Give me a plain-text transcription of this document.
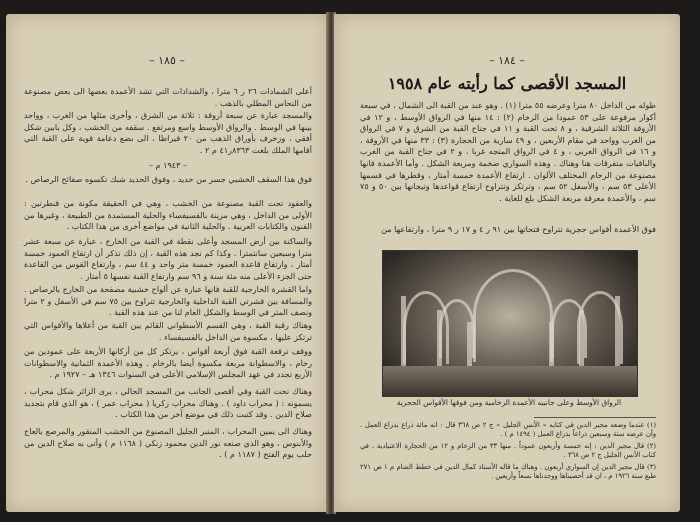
– ١٨٥ –

أعلى الشمادات ٢٦ ر ٦ مترا ، والشدادات التي تشد الأعمدة بعضها الى بعض مصنوعة من النحاس المطلي بالذهب .

والمسجد عبارة عن سبعة أروقة : ثلاثة من الشرق ، وأخرى مثلها من الغرب ، وواحد بينها في الوسط . والرواق الأوسط واسع ومرتفع . سقفه من الخشب ، وكل بابين شكل أفقي ، وزخرف بأوراق الذهب من ٢٠ قيراطا ، الى بضع دعامة قوية على القبة التي أقامها الملك بلغت ٨٣٦٣ر٤١ م ٢ .

– ١٩٤٣ م –

فوق هذا السقف الخشبي جسر من حديد ، وفوق الحديد شبك تكسوه صفائح الرصاص .

والعقود تحت القبة مصنوعة من الخشب ، وهي في الحقيقة مكونة من قنطرتين : الأولى من الداخل ، وهي مزينة بالفسيفساء والحلية المستمدة من الطبيعة ، وغيرها من الفنون والكتابات العربية . والحلية الثانية في مواضع أخرى من هذا الكتاب .

والساكنة بين أرض المسجد وأعلى نقطة في القبة من الخارج ، عبارة عن سبعة عشر مترا وسبعين سانتمترا . وكذا كم نجد هذه القبة ، إن ذلك تذكر أن ارتفاع العمود خمسة أمتار ، وارتفاع قاعدة العمود خمسة متر واحد و ٤٤ سم ، وارتفاع القوس من القاعدة حتى الجزء الأعلى منه مئة سنة و ٩٦ سم وارتفاع القبة نفسها ٥ أمتار .

واما القشرة الخارجية للقبة فانها عبارة عن ألواح خشبية مصفحة من الخارج بالرصاص . والمسافة بين قشرتي القبة الداخلية والخارجية تتراوح بين ٧٥ سم في الأسفل و ٢ مترا ونصف المتر في الوسط والشكل العام لنا من عند هذه القبة .

وهناك رقبة القبة ، وهي القسم الأسطواني القائم بين القبة من أعلاها والأقواس التي ترتكز عليها ، مكسوة من الداخل بالفسيفساء .

ووقف ترقعة القبة فوق أربعة أقواس ، يرتكز كل من أركانها الأربعة على عمودين من رخام ، والاسطوانة مربعة مكسوة أيضا بالرخام . وهذه الأعمدة الثمانية والاسطوانات الأربع تجدد في عهد المجلس الإسلامي الأعلى في السنوات ١٣٤٦ هـ – ١٩٢٧ م .

وهناك تحت القبة وفي أقصى الجانب من المسجد الحالي ، يرى الزائر شكل محراب ، يسمونه : ( محراب داود ) . وهناك محراب زكريا ( محراب عمر ) ، هو الذي قام بتجديد صلاح الدين . وقد كتبت ذلك في موضع آخر من هذا الكتاب .

وهناك الى يمين المحراب ، المنبر الجليل المصنوع من الخشب المنقور والمرصع بالعاج والأبنوس ، وهو الذي صنعه نور الدين محمود زنكي ( ١١٦٨ م ) وأتى به صلاح الدين من حلب يوم الفتح ( ١١٨٧ م ) .

– ١٨٤ –
المسجد الأقصى كما رأيته عام ١٩٥٨

طوله من الداخل ٨٠ مترا وعرضه ٥٥ مترا (١) . وهو عند من القبة الى الشمال ، في سبعة أكوار مرفوعة على ٥٣ عمودا من الرخام (٢) : ١٤ منها في الرواق الأوسط ، و ١٢ في الأروقة الثلاثة الشرقية ، و ٨ تحت القبة و ١١ في جناح القبة من الشرق و ٧ في الرواق من الغرب وواحد في مقام الأربعين ، و ٤٩ سارية من الحجارة (٣) : ٣٣ منها في الأروقة ، و ١٦ في الرواق الغربي ، و ٤ في الرواق المتجه غربا ، و ٢ في جناح القبة من الغرب والباقيات متفرقات هنا وهناك . وهذه السواري ضخمة ومربعة الشكل . وأما الأعمدة فانها مصنوعة من الرخام المختلف الألوان . ارتفاع الأعمدة خمسة أمتار ، وقطرها في قسمها الأعلى ٥٣ سم ، والأسفل ٥٢ سم ، وترتكز وتتراوح ارتفاع قواعدها وتيجانها بين ٥٠ و ٧٥ سم ، والأعمدة معرقة مربعة الشكل بلغ للغاية .

فوق الأعمدة أقواس حجرية تتراوح فتحاتها بين ٩١ ر ٤ و ١٧ ر ٩ مترا ، وارتفاعها من

الرواق الأوسط وعلى جانبيه الأعمدة الرخامية ومن فوقها الأقواس الحجرية

(١) عندما وضعه مجير الدين في كتابه « الأنس الجليل » ج ٢ ص ٣٦٨ قال : انه مائة ذراع بذراع العمل . وأن عرضه ستة وسبعين ذراعاً بذراع العمل ( ١٤٩٤ م ) .

(٢) قال مجير الدين : إنه خمسة وأربعون عموداً . منها ٣٣ من الرخام و ١٢ من الحجارة الاعتيادية ، في كتاب الأنس الجليل ج ٢ ص ٣٦٨ .

(٣) قال مجير الدين إن السواري أربعون . وهناك ما قاله الأستاذ كمال الدين في خطط الشام م ١ ص ٢٧١ طبع سنة ١٩٢٦ م ، ان قد أحصيناها ووجدناها تسعاً وأربعين .
